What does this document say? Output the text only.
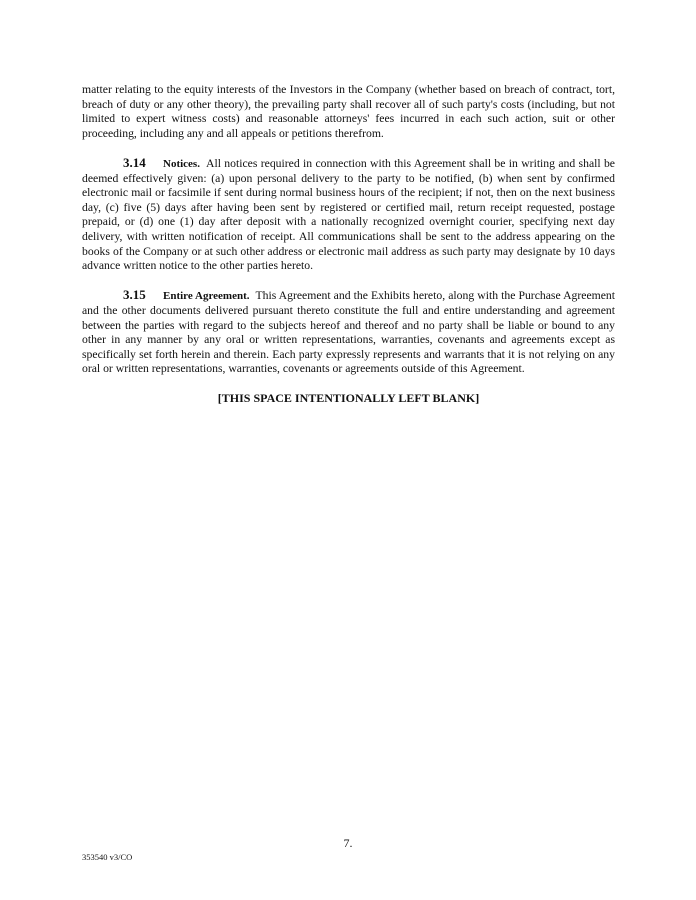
matter relating to the equity interests of the Investors in the Company (whether based on breach of contract, tort, breach of duty or any other theory), the prevailing party shall recover all of such party's costs (including, but not limited to expert witness costs) and reasonable attorneys' fees incurred in each such action, suit or other proceeding, including any and all appeals or petitions therefrom.

3.14 Notices. All notices required in connection with this Agreement shall be in writing and shall be deemed effectively given: (a) upon personal delivery to the party to be notified, (b) when sent by confirmed electronic mail or facsimile if sent during normal business hours of the recipient; if not, then on the next business day, (c) five (5) days after having been sent by registered or certified mail, return receipt requested, postage prepaid, or (d) one (1) day after deposit with a nationally recognized overnight courier, specifying next day delivery, with written notification of receipt. All communications shall be sent to the address appearing on the books of the Company or at such other address or electronic mail address as such party may designate by 10 days advance written notice to the other parties hereto.

3.15 Entire Agreement. This Agreement and the Exhibits hereto, along with the Purchase Agreement and the other documents delivered pursuant thereto constitute the full and entire understanding and agreement between the parties with regard to the subjects hereof and thereof and no party shall be liable or bound to any other in any manner by any oral or written representations, warranties, covenants and agreements except as specifically set forth herein and therein. Each party expressly represents and warrants that it is not relying on any oral or written representations, warranties, covenants or agreements outside of this Agreement.

[THIS SPACE INTENTIONALLY LEFT BLANK]
7.
353540 v3/CO
